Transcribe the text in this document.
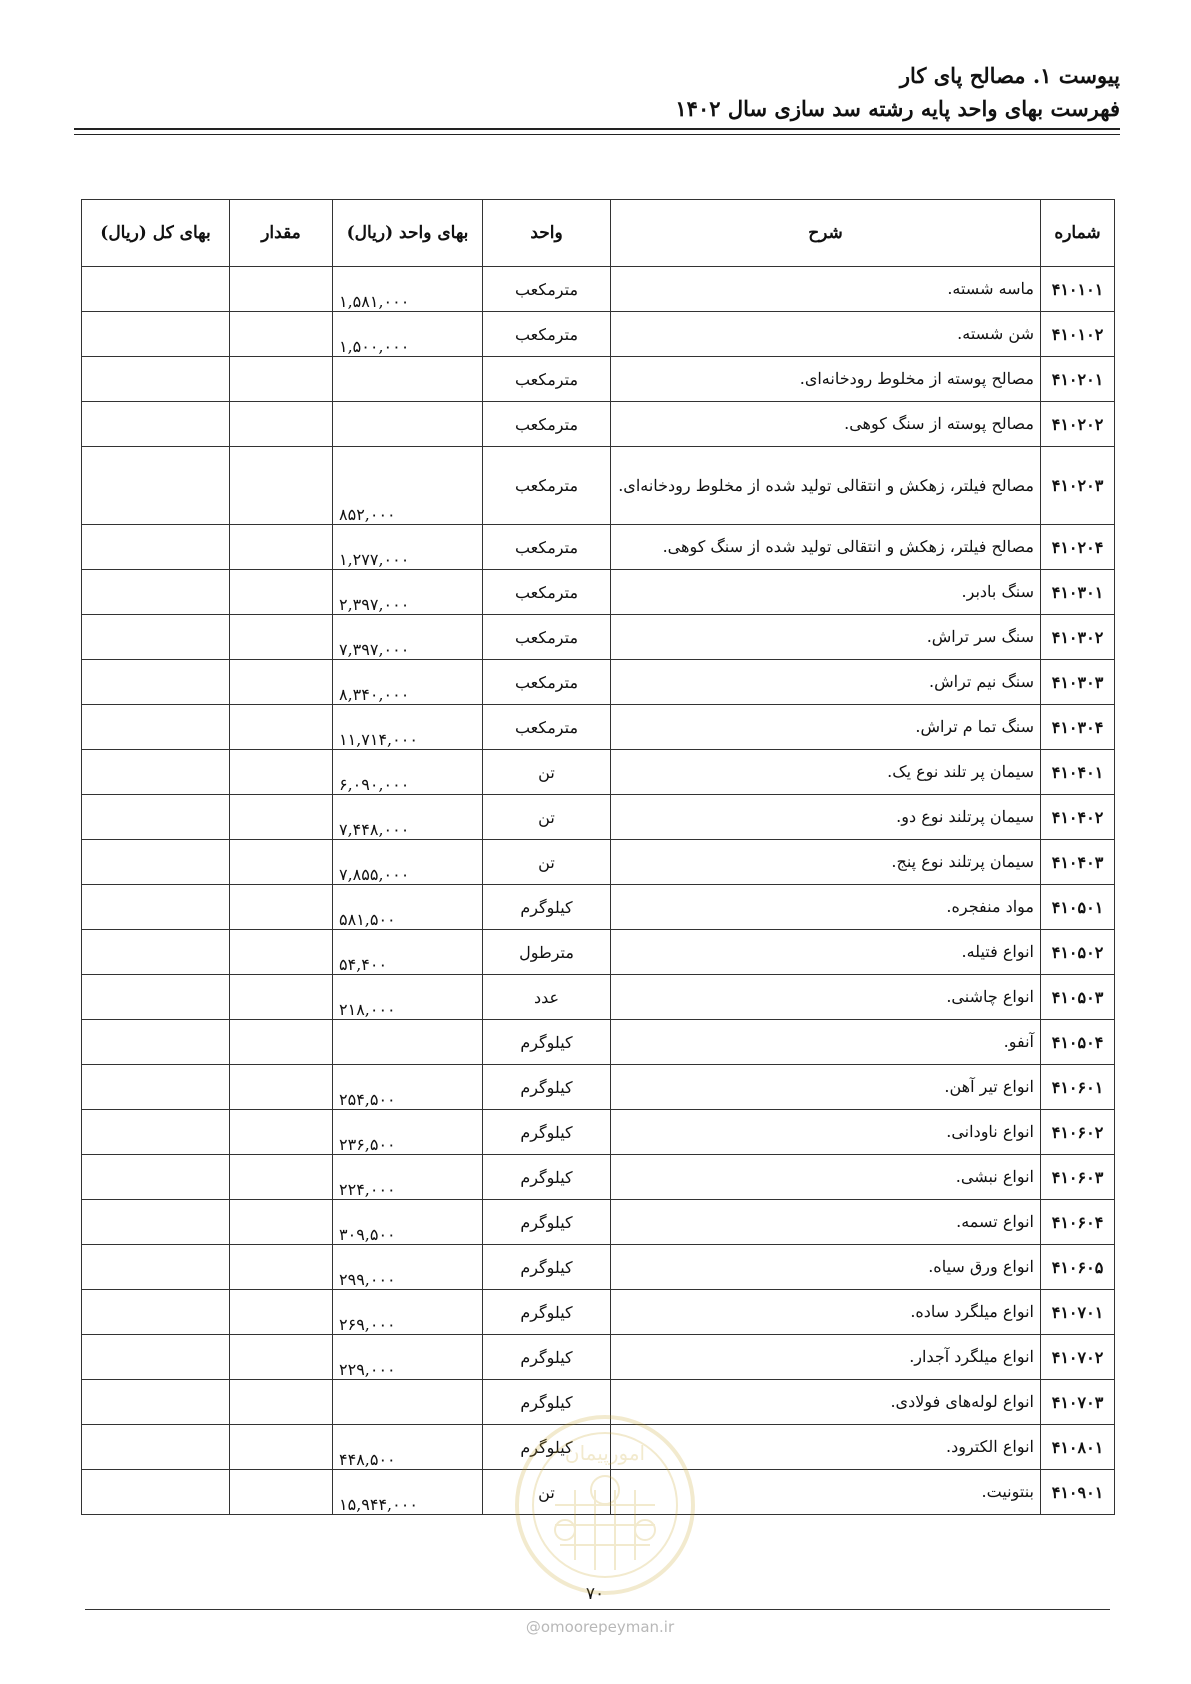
پیوست ۱. مصالح پای کار
فهرست بهای واحد پایه رشته سد سازی سال ۱۴۰۲
شماره	شرح	واحد	بهای واحد (ریال)	مقدار	بهای کل (ریال)
۴۱۰۱۰۱	ماسه شسته.	مترمکعب	۱,۵۸۱,۰۰۰		
۴۱۰۱۰۲	شن شسته.	مترمکعب	۱,۵۰۰,۰۰۰		
۴۱۰۲۰۱	مصالح پوسته از مخلوط رودخانه‌ای.	مترمکعب			
۴۱۰۲۰۲	مصالح پوسته از سنگ کوهی.	مترمکعب			
۴۱۰۲۰۳	مصالح فیلتر، زهکش و انتقالی تولید شده از مخلوط رودخانه‌ای.	مترمکعب	۸۵۲,۰۰۰		
۴۱۰۲۰۴	مصالح فیلتر، زهکش و انتقالی تولید شده از سنگ کوهی.	مترمکعب	۱,۲۷۷,۰۰۰		
۴۱۰۳۰۱	سنگ بادبر.	مترمکعب	۲,۳۹۷,۰۰۰		
۴۱۰۳۰۲	سنگ سر تراش.	مترمکعب	۷,۳۹۷,۰۰۰		
۴۱۰۳۰۳	سنگ نیم تراش.	مترمکعب	۸,۳۴۰,۰۰۰		
۴۱۰۳۰۴	سنگ تما م تراش.	مترمکعب	۱۱,۷۱۴,۰۰۰		
۴۱۰۴۰۱	سیمان پر تلند نوع یک.	تن	۶,۰۹۰,۰۰۰		
۴۱۰۴۰۲	سیمان پرتلند نوع دو.	تن	۷,۴۴۸,۰۰۰		
۴۱۰۴۰۳	سیمان پرتلند نوع پنج.	تن	۷,۸۵۵,۰۰۰		
۴۱۰۵۰۱	مواد منفجره.	کیلوگرم	۵۸۱,۵۰۰		
۴۱۰۵۰۲	انواع فتیله.	مترطول	۵۴,۴۰۰		
۴۱۰۵۰۳	انواع چاشنی.	عدد	۲۱۸,۰۰۰		
۴۱۰۵۰۴	آنفو.	کیلوگرم			
۴۱۰۶۰۱	انواع تیر آهن.	کیلوگرم	۲۵۴,۵۰۰		
۴۱۰۶۰۲	انواع ناودانی.	کیلوگرم	۲۳۶,۵۰۰		
۴۱۰۶۰۳	انواع نبشی.	کیلوگرم	۲۲۴,۰۰۰		
۴۱۰۶۰۴	انواع تسمه.	کیلوگرم	۳۰۹,۵۰۰		
۴۱۰۶۰۵	انواع ورق سیاه.	کیلوگرم	۲۹۹,۰۰۰		
۴۱۰۷۰۱	انواع میلگرد ساده.	کیلوگرم	۲۶۹,۰۰۰		
۴۱۰۷۰۲	انواع میلگرد آجدار.	کیلوگرم	۲۲۹,۰۰۰		
۴۱۰۷۰۳	انواع لوله‌های فولادی.	کیلوگرم			
۴۱۰۸۰۱	انواع الکترود.	کیلوگرم	۴۴۸,۵۰۰		
۴۱۰۹۰۱	بنتونیت.	تن	۱۵,۹۴۴,۰۰۰		
۷۰
امورپیمان
@omoorepeyman.ir
